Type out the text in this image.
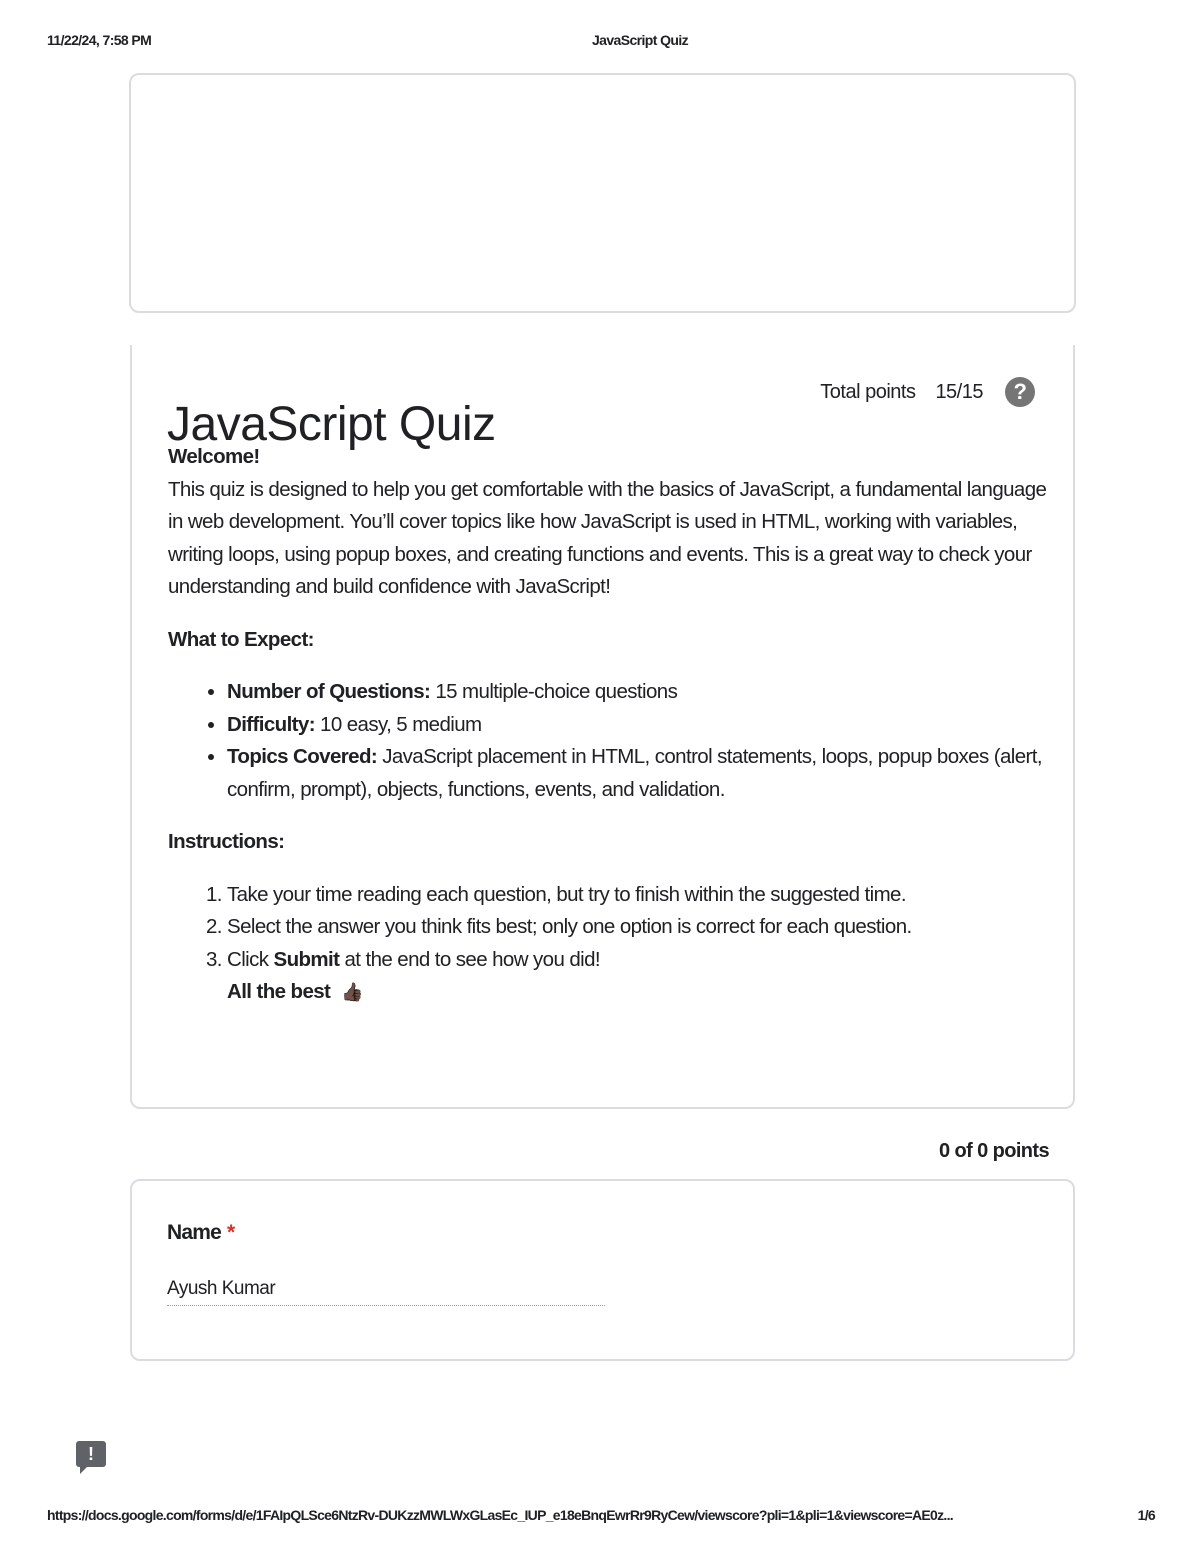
11/22/24, 7:58 PM	JavaScript Quiz
JavaScript Quiz
Total points 15/15	?

Welcome!

This quiz is designed to help you get comfortable with the basics of JavaScript, a fundamental language in web development. You’ll cover topics like how JavaScript is used in HTML, working with variables, writing loops, using popup boxes, and creating functions and events. This is a great way to check your understanding and build confidence with JavaScript!

What to Expect:

• Number of Questions: 15 multiple-choice questions
• Difficulty: 10 easy, 5 medium
• Topics Covered: JavaScript placement in HTML, control statements, loops, popup boxes (alert, confirm, prompt), objects, functions, events, and validation.

Instructions:

1. Take your time reading each question, but try to finish within the suggested time.
2. Select the answer you think fits best; only one option is correct for each question.
3. Click Submit at the end to see how you did!
All the best 👍🏿
0 of 0 points
Name *
Ayush Kumar
!
https://docs.google.com/forms/d/e/1FAIpQLSce6NtzRv-DUKzzMWLWxGLasEc_IUP_e18eBnqEwrRr9RyCew/viewscore?pli=1&pli=1&viewscore=AE0z...	1/6
